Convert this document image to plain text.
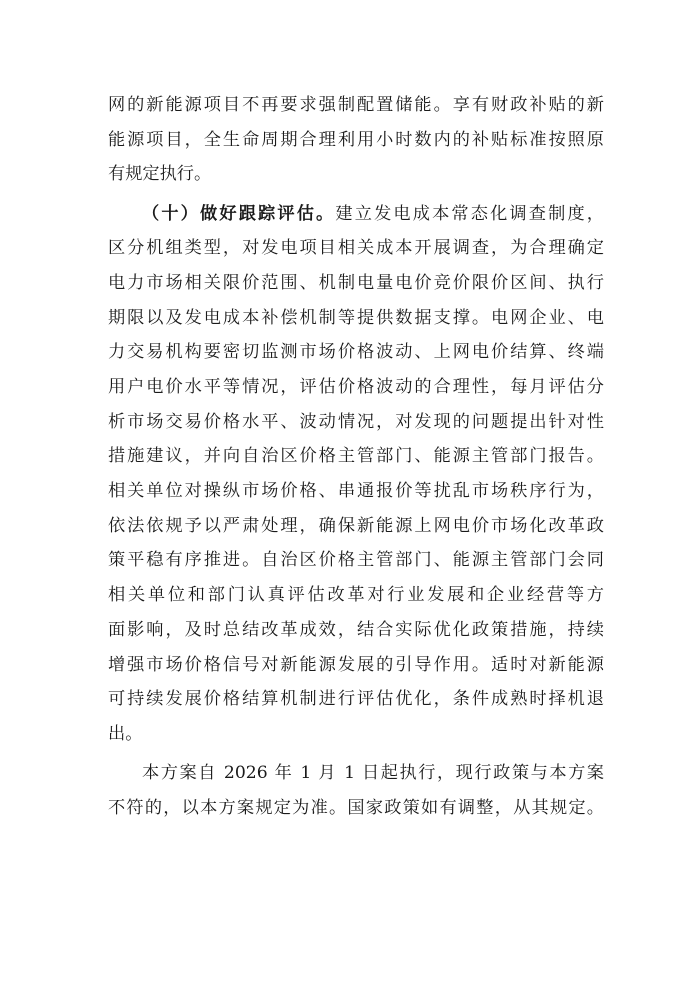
网的新能源项目不再要求强制配置储能。享有财政补贴的新
能源项目，全生命周期合理利用小时数内的补贴标准按照原
有规定执行。
（十）做好跟踪评估。建立发电成本常态化调查制度，
区分机组类型，对发电项目相关成本开展调查，为合理确定
电力市场相关限价范围、机制电量电价竞价限价区间、执行
期限以及发电成本补偿机制等提供数据支撑。电网企业、电
力交易机构要密切监测市场价格波动、上网电价结算、终端
用户电价水平等情况，评估价格波动的合理性，每月评估分
析市场交易价格水平、波动情况，对发现的问题提出针对性
措施建议，并向自治区价格主管部门、能源主管部门报告。
相关单位对操纵市场价格、串通报价等扰乱市场秩序行为，
依法依规予以严肃处理，确保新能源上网电价市场化改革政
策平稳有序推进。自治区价格主管部门、能源主管部门会同
相关单位和部门认真评估改革对行业发展和企业经营等方
面影响，及时总结改革成效，结合实际优化政策措施，持续
增强市场价格信号对新能源发展的引导作用。适时对新能源
可持续发展价格结算机制进行评估优化，条件成熟时择机退
出。
本方案自 2026 年 1 月 1 日起执行，现行政策与本方案
不符的，以本方案规定为准。国家政策如有调整，从其规定。
